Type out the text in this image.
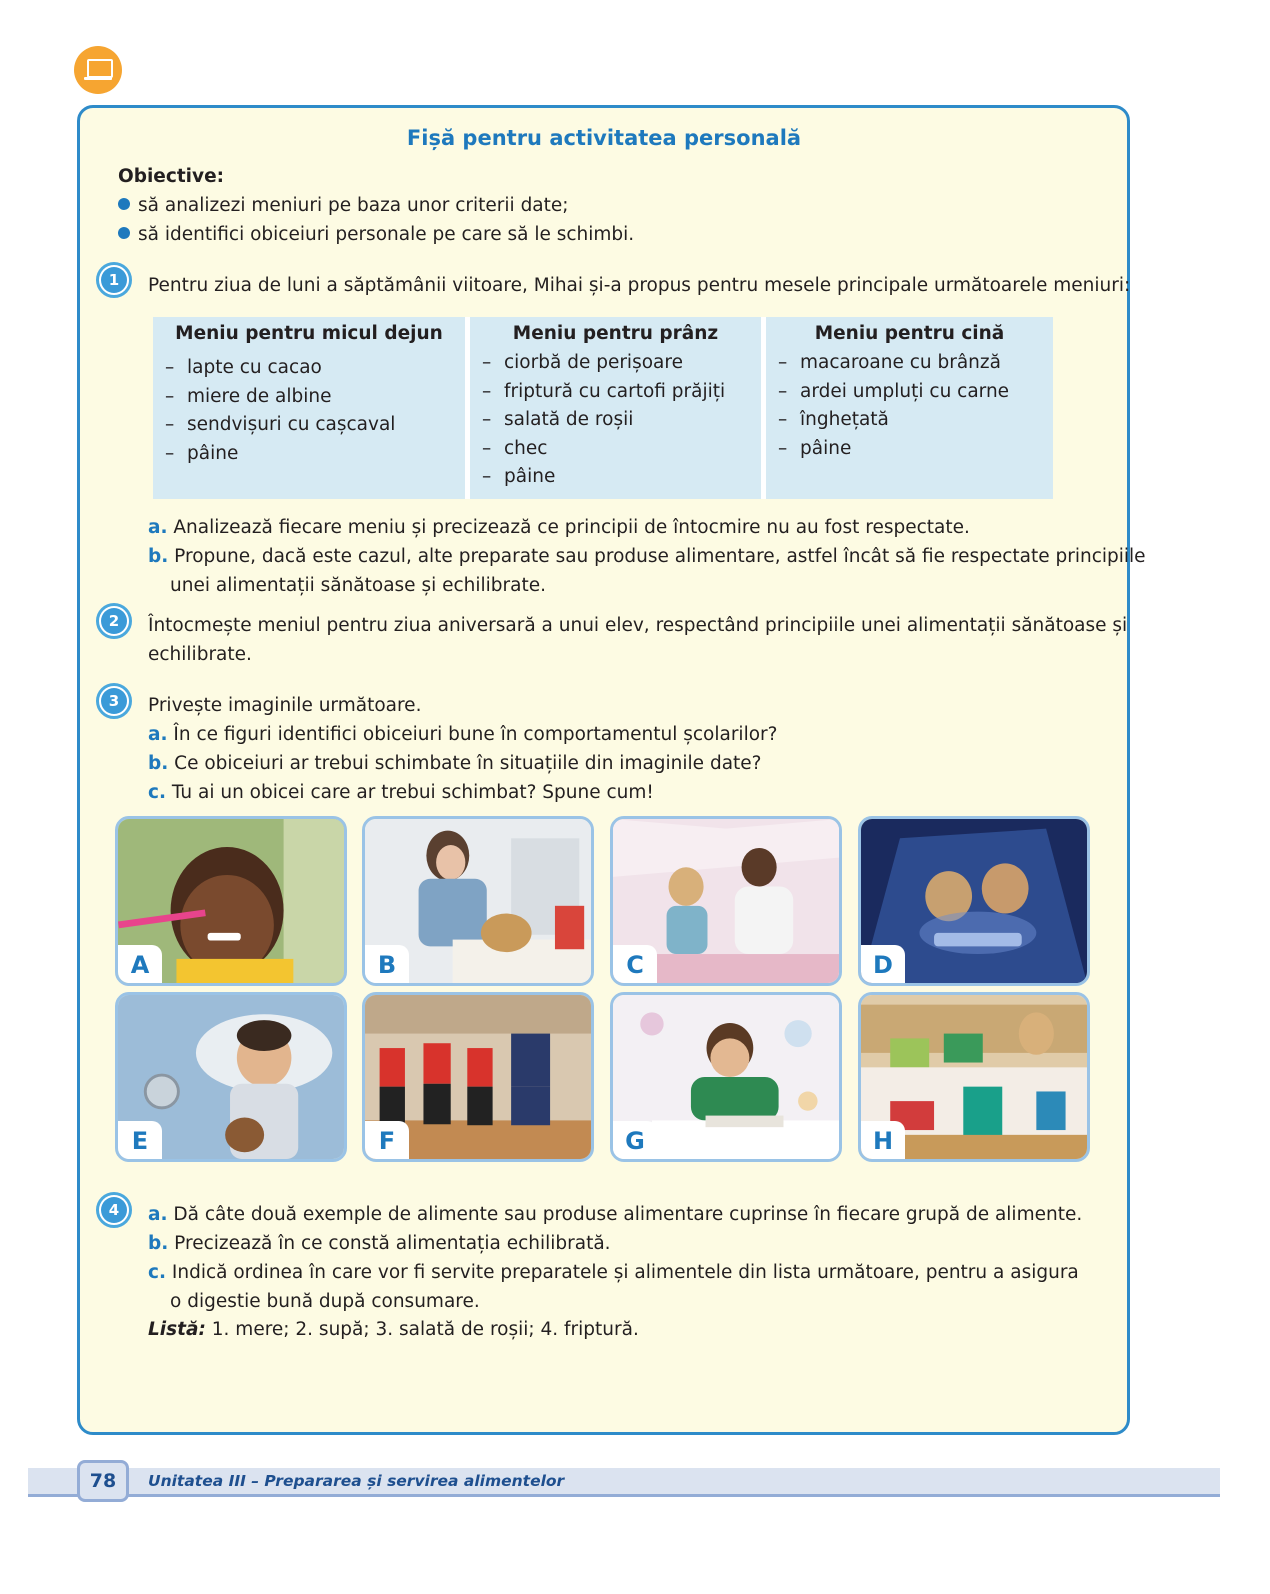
Fișă pentru activitatea personală
Obiective:
să analizezi meniuri pe baza unor criterii date;
să identifici obiceiuri personale pe care să le schimbi.
1	Pentru ziua de luni a săptămânii viitoare, Mihai și-a propus pentru mesele principale următoarele meniuri:
Meniu pentru micul dejun
– lapte cu cacao
– miere de albine
– sendvișuri cu cașcaval
– pâine
Meniu pentru prânz
– ciorbă de perișoare
– friptură cu cartofi prăjiți
– salată de roșii
– chec
– pâine
Meniu pentru cină
– macaroane cu brânză
– ardei umpluți cu carne
– înghețată
– pâine
a. Analizează fiecare meniu și precizează ce principii de întocmire nu au fost respectate.
b. Propune, dacă este cazul, alte preparate sau produse alimentare, astfel încât să fie respectate principiile
unei alimentații sănătoase și echilibrate.
2	Întocmește meniul pentru ziua aniversară a unui elev, respectând principiile unei alimentații sănătoase și
echilibrate.
3	Privește imaginile următoare.
a. În ce figuri identifici obiceiuri bune în comportamentul școlarilor?
b. Ce obiceiuri ar trebui schimbate în situațiile din imaginile date?
c. Tu ai un obicei care ar trebui schimbat? Spune cum!
A	B	C	D
E	F	G	H
4	a. Dă câte două exemple de alimente sau produse alimentare cuprinse în fiecare grupă de alimente.
b. Precizează în ce constă alimentația echilibrată.
c. Indică ordinea în care vor fi servite preparatele și alimentele din lista următoare, pentru a asigura
o digestie bună după consumare.
Listă: 1. mere; 2. supă; 3. salată de roșii; 4. friptură.
78	Unitatea III – Prepararea și servirea alimentelor
